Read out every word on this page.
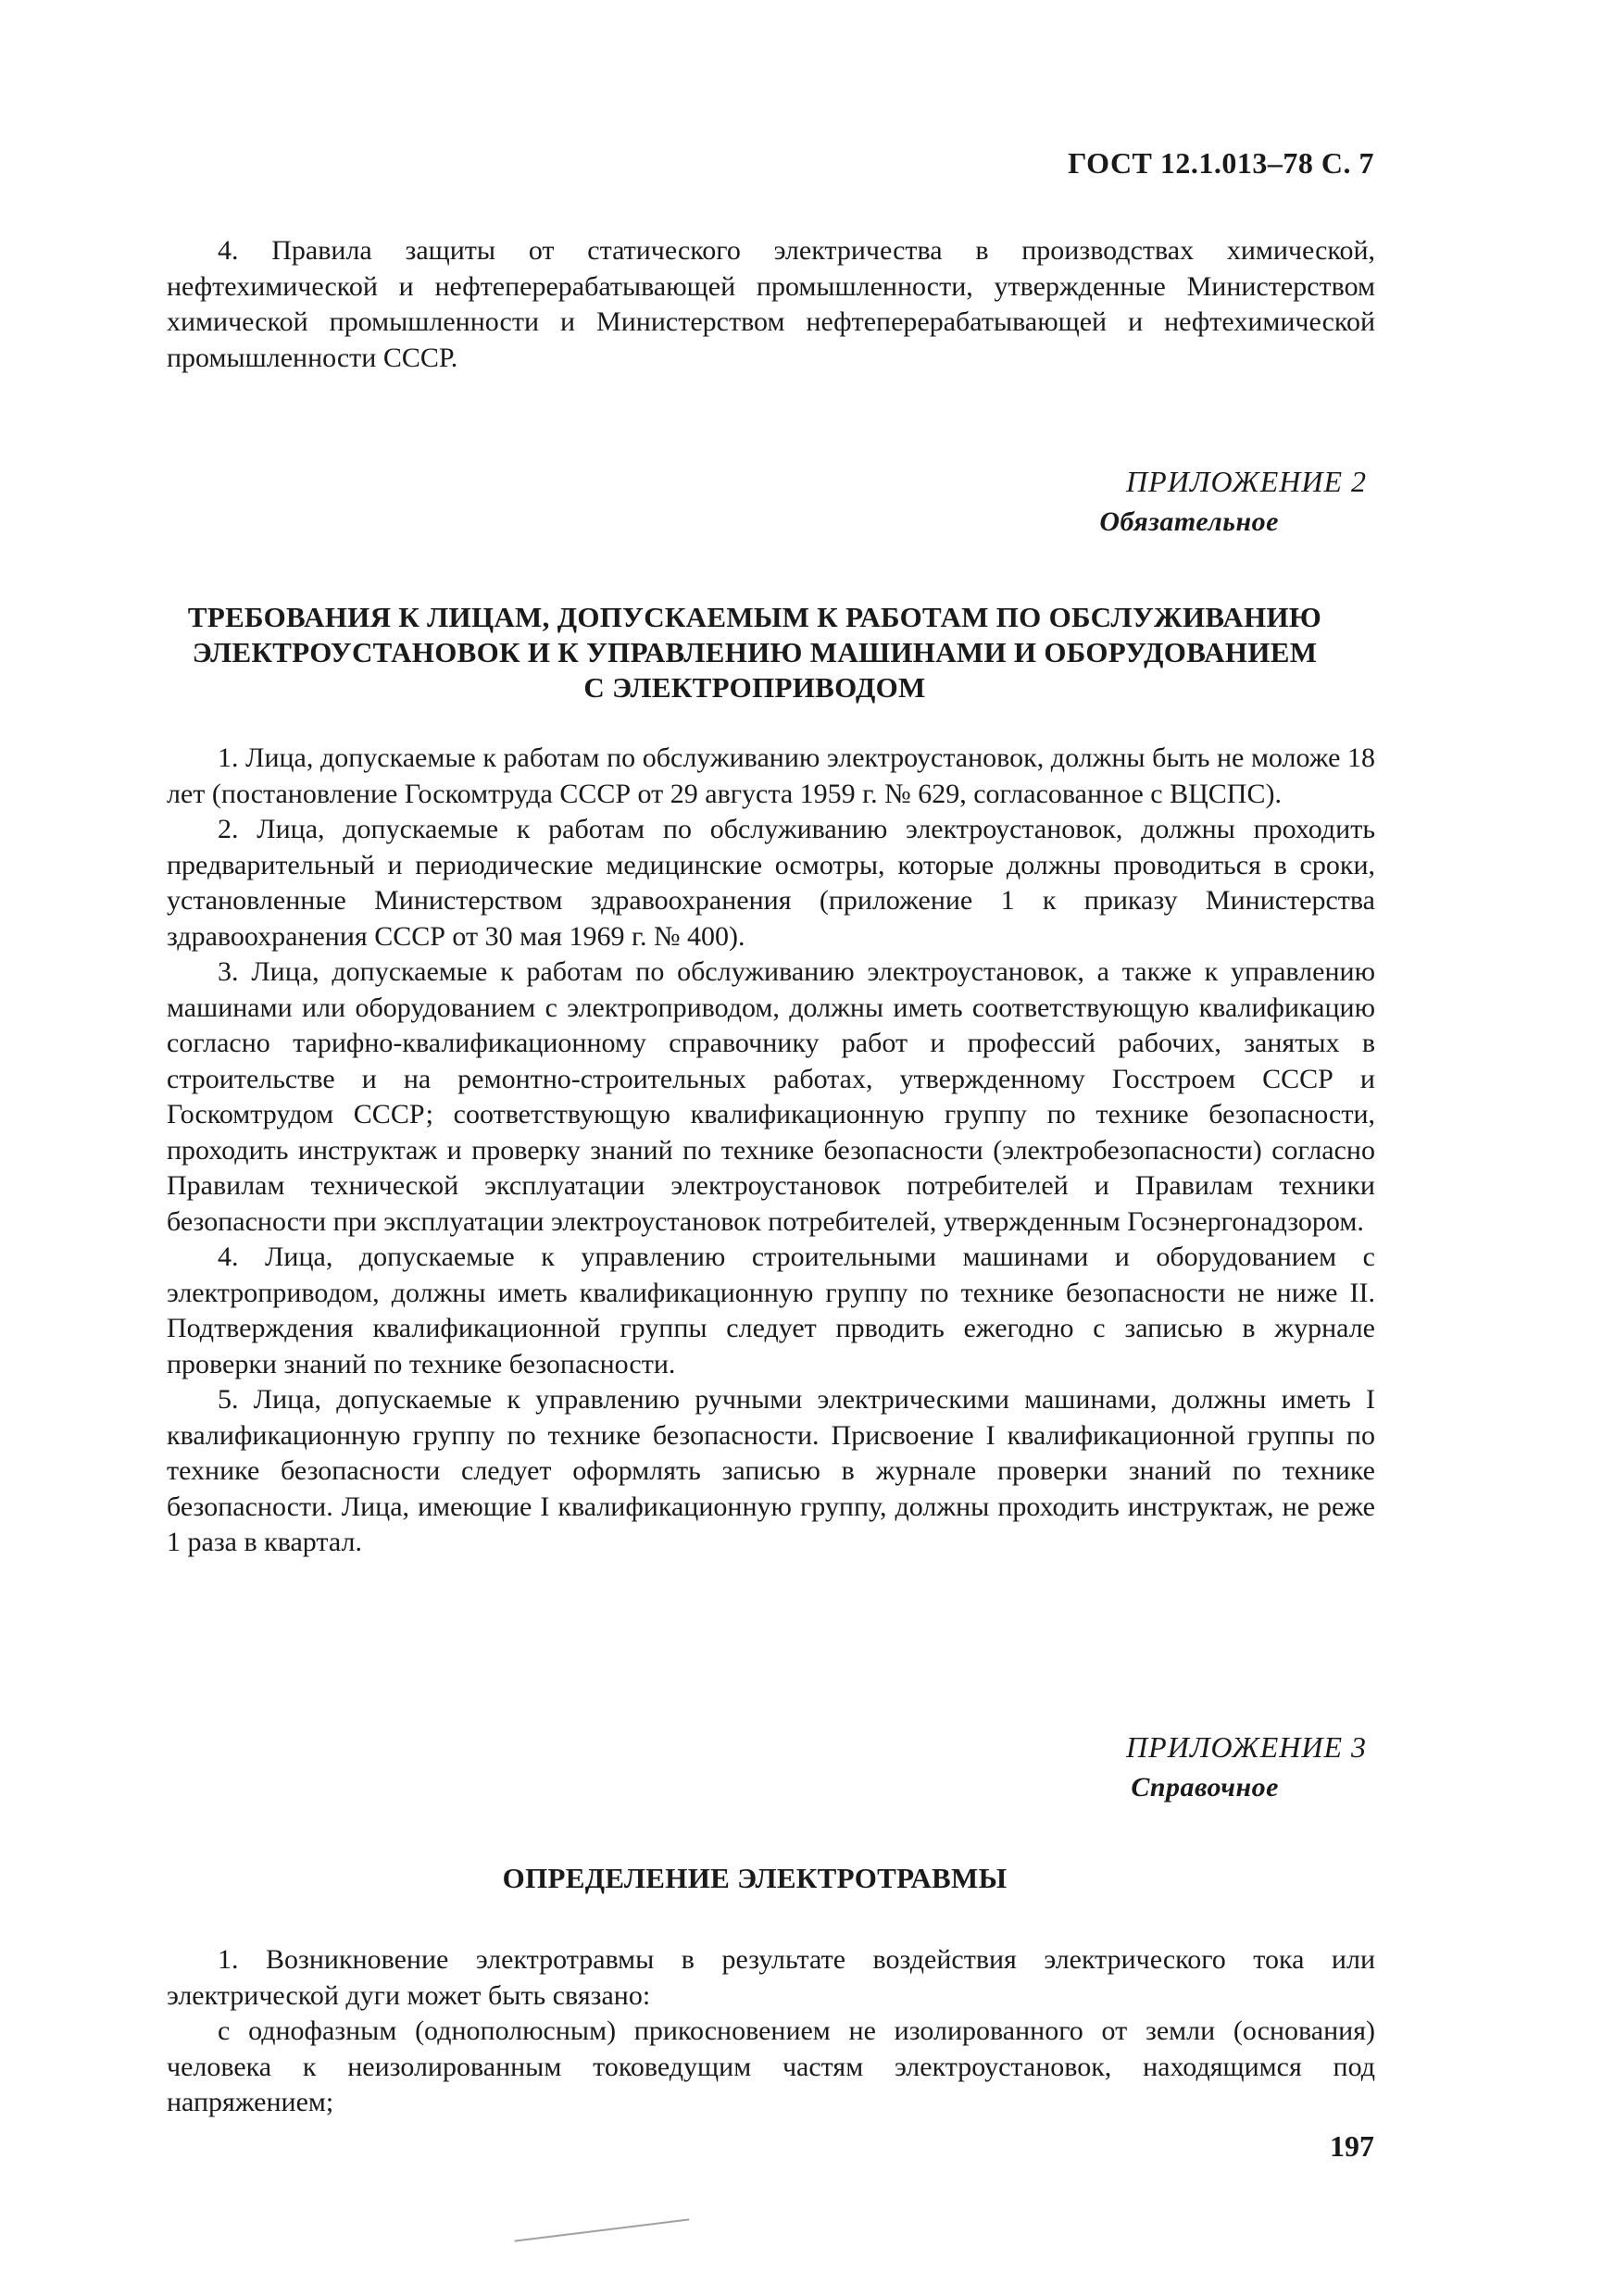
ГОСТ 12.1.013–78 С. 7

4. Правила защиты от статического электричества в производствах химической, нефтехимической и нефтеперерабатывающей промышленности, утвержденные Министерством химической промышленности и Министерством нефтеперерабатывающей и нефтехимической промышленности СССР.

ПРИЛОЖЕНИЕ 2
Обязательное
ТРЕБОВАНИЯ К ЛИЦАМ, ДОПУСКАЕМЫМ К РАБОТАМ ПО ОБСЛУЖИВАНИЮ
ЭЛЕКТРОУСТАНОВОК И К УПРАВЛЕНИЮ МАШИНАМИ И ОБОРУДОВАНИЕМ
С ЭЛЕКТРОПРИВОДОМ

1. Лица, допускаемые к работам по обслуживанию электроустановок, должны быть не моложе 18 лет (постановление Госкомтруда СССР от 29 августа 1959 г. № 629, согласованное с ВЦСПС).

2. Лица, допускаемые к работам по обслуживанию электроустановок, должны проходить предварительный и периодические медицинские осмотры, которые должны проводиться в сроки, установленные Министерством здравоохранения (приложение 1 к приказу Министерства здравоохранения СССР от 30 мая 1969 г. № 400).

3. Лица, допускаемые к работам по обслуживанию электроустановок, а также к управлению машинами или оборудованием с электроприводом, должны иметь соответствующую квалификацию согласно тарифно-квалификационному справочнику работ и профессий рабочих, занятых в строительстве и на ремонтно-строительных работах, утвержденному Госстроем СССР и Госкомтрудом СССР; соответствующую квалификационную группу по технике безопасности, проходить инструктаж и проверку знаний по технике безопасности (электробезопасности) согласно Правилам технической эксплуатации электроустановок потребителей и Правилам техники безопасности при эксплуатации электроустановок потребителей, утвержденным Госэнергонадзором.

4. Лица, допускаемые к управлению строительными машинами и оборудованием с электроприводом, должны иметь квалификационную группу по технике безопасности не ниже II. Подтверждения квалификационной группы следует прводить ежегодно с записью в журнале проверки знаний по технике безопасности.

5. Лица, допускаемые к управлению ручными электрическими машинами, должны иметь I квалификационную группу по технике безопасности. Присвоение I квалификационной группы по технике безопасности следует оформлять записью в журнале проверки знаний по технике безопасности. Лица, имеющие I квалификационную группу, должны проходить инструктаж, не реже 1 раза в квартал.

ПРИЛОЖЕНИЕ 3
Справочное
ОПРЕДЕЛЕНИЕ ЭЛЕКТРОТРАВМЫ

1. Возникновение электротравмы в результате воздействия электрического тока или электрической дуги может быть связано:

с однофазным (однополюсным) прикосновением не изолированного от земли (основания) человека к неизолированным токоведущим частям электроустановок, находящимся под напряжением;

197
